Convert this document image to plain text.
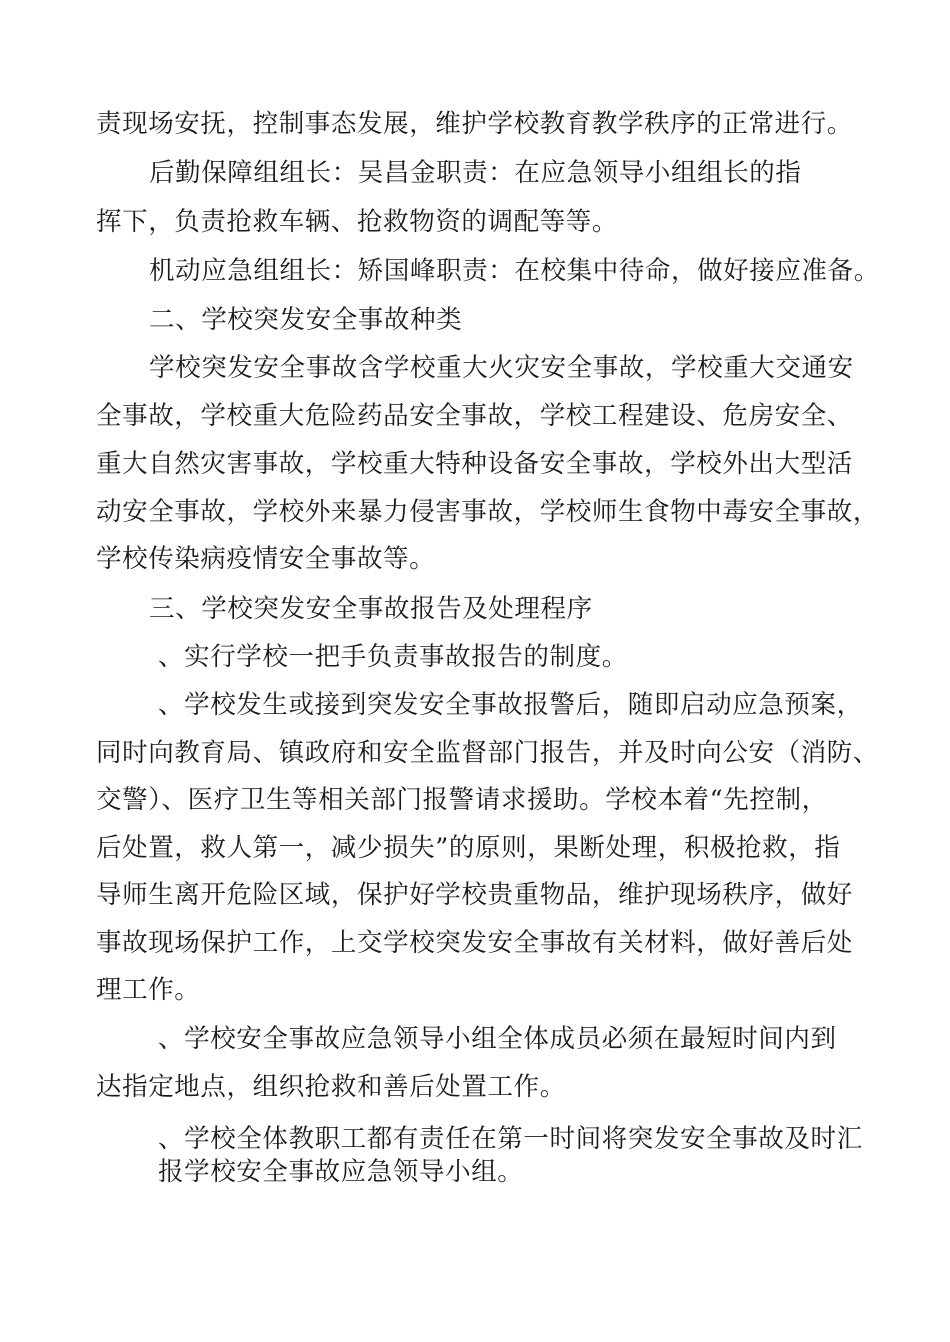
责现场安抚，控制事态发展，维护学校教育教学秩序的正常进行。
后勤保障组组长：吴昌金职责：在应急领导小组组长的指
挥下，负责抢救车辆、抢救物资的调配等等。
机动应急组组长：矫国峰职责：在校集中待命，做好接应准备。
二、学校突发安全事故种类
学校突发安全事故含学校重大火灾安全事故，学校重大交通安
全事故，学校重大危险药品安全事故，学校工程建设、危房安全、
重大自然灾害事故，学校重大特种设备安全事故，学校外出大型活
动安全事故，学校外来暴力侵害事故，学校师生食物中毒安全事故，
学校传染病疫情安全事故等。
三、学校突发安全事故报告及处理程序
、实行学校一把手负责事故报告的制度。
、学校发生或接到突发安全事故报警后，随即启动应急预案，
同时向教育局、镇政府和安全监督部门报告，并及时向公安（消防、
交警）、医疗卫生等相关部门报警请求援助。学校本着“先控制，
后处置，救人第一，减少损失”的原则，果断处理，积极抢救，指
导师生离开危险区域，保护好学校贵重物品，维护现场秩序，做好
事故现场保护工作，上交学校突发安全事故有关材料，做好善后处
理工作。
、学校安全事故应急领导小组全体成员必须在最短时间内到
达指定地点，组织抢救和善后处置工作。
、学校全体教职工都有责任在第一时间将突发安全事故及时汇
报学校安全事故应急领导小组。
